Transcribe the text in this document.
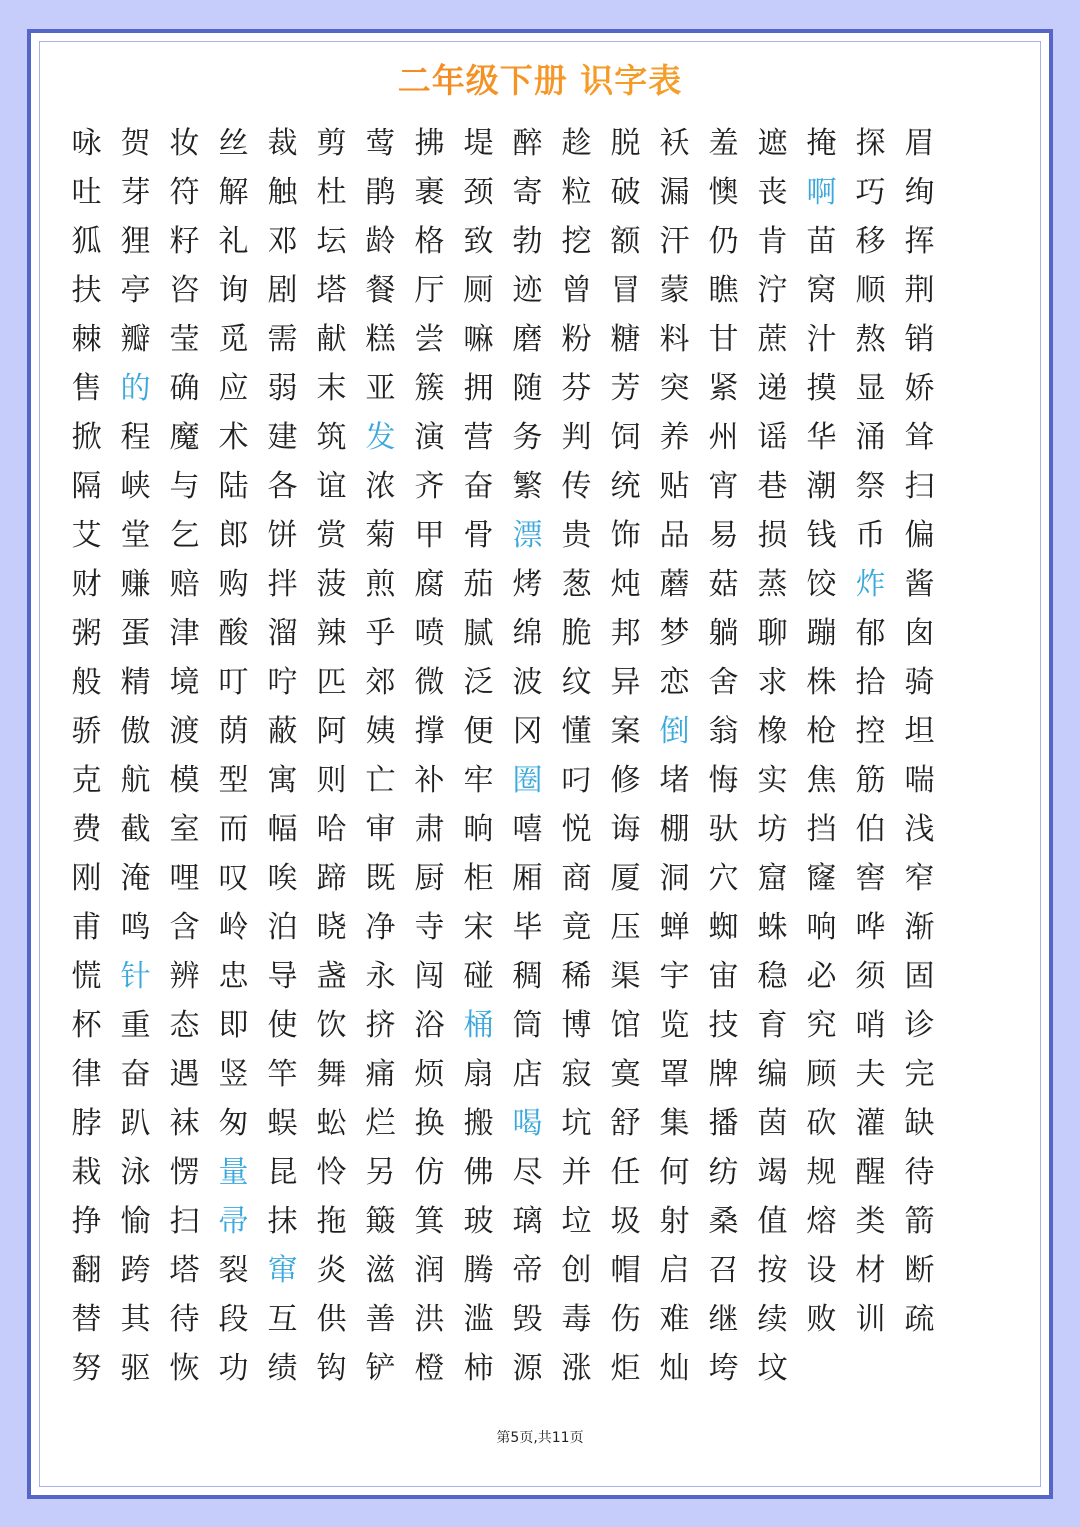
二年级下册 识字表
咏 贺 妆 丝 裁 剪 莺 拂 堤 醉 趁 脱 袄 羞 遮 掩 探 眉
吐 芽 符 解 触 杜 鹃 裹 颈 寄 粒 破 漏 懊 丧 啊 巧 绚
狐 狸 籽 礼 邓 坛 龄 格 致 勃 挖 额 汗 仍 肯 苗 移 挥
扶 亭 咨 询 剧 塔 餐 厅 厕 迹 曾 冒 蒙 瞧 泞 窝 顺 荆
棘 瓣 莹 觅 需 献 糕 尝 嘛 磨 粉 糖 料 甘 蔗 汁 熬 销
售 的 确 应 弱 末 亚 簇 拥 随 芬 芳 突 紧 递 摸 显 娇
掀 程 魔 术 建 筑 发 演 营 务 判 饲 养 州 谣 华 涌 耸
隔 峡 与 陆 各 谊 浓 齐 奋 繁 传 统 贴 宵 巷 潮 祭 扫
艾 堂 乞 郎 饼 赏 菊 甲 骨 漂 贵 饰 品 易 损 钱 币 偏
财 赚 赔 购 拌 菠 煎 腐 茄 烤 葱 炖 蘑 菇 蒸 饺 炸 酱
粥 蛋 津 酸 溜 辣 乎 喷 腻 绵 脆 邦 梦 躺 聊 蹦 郁 囱
般 精 境 叮 咛 匹 郊 微 泛 波 纹 异 恋 舍 求 株 拾 骑
骄 傲 渡 荫 蔽 阿 姨 撑 便 冈 懂 案 倒 翁 橡 枪 控 坦
克 航 模 型 寓 则 亡 补 牢 圈 叼 修 堵 悔 实 焦 筋 喘
费 截 室 而 幅 哈 审 肃 晌 嘻 悦 诲 棚 驮 坊 挡 伯 浅
刚 淹 哩 叹 唉 蹄 既 厨 柜 厢 商 厦 洞 穴 窟 窿 窖 窄
甫 鸣 含 岭 泊 晓 净 寺 宋 毕 竟 压 蝉 蜘 蛛 响 哗 渐
慌 针 辨 忠 导 盏 永 闯 碰 稠 稀 渠 宇 宙 稳 必 须 固
杯 重 态 即 使 饮 挤 浴 桶 筒 博 馆 览 技 育 究 哨 诊
律 奋 遇 竖 竿 舞 痛 烦 扇 店 寂 寞 罩 牌 编 顾 夫 完
脖 趴 袜 匆 蜈 蚣 烂 换 搬 喝 坑 舒 集 播 茵 砍 灌 缺
栽 泳 愣 量 昆 怜 另 仿 佛 尽 并 任 何 纺 竭 规 醒 待
挣 愉 扫 帚 抹 拖 簸 箕 玻 璃 垃 圾 射 桑 值 熔 类 箭
翻 跨 塔 裂 窜 炎 滋 润 腾 帝 创 帽 启 召 按 设 材 断
替 其 待 段 互 供 善 洪 滥 毁 毒 伤 难 继 续 败 训 疏
努 驱 恢 功 绩 钩 铲 橙 柿 源 涨 炬 灿 垮 坟
第5页,共11页
